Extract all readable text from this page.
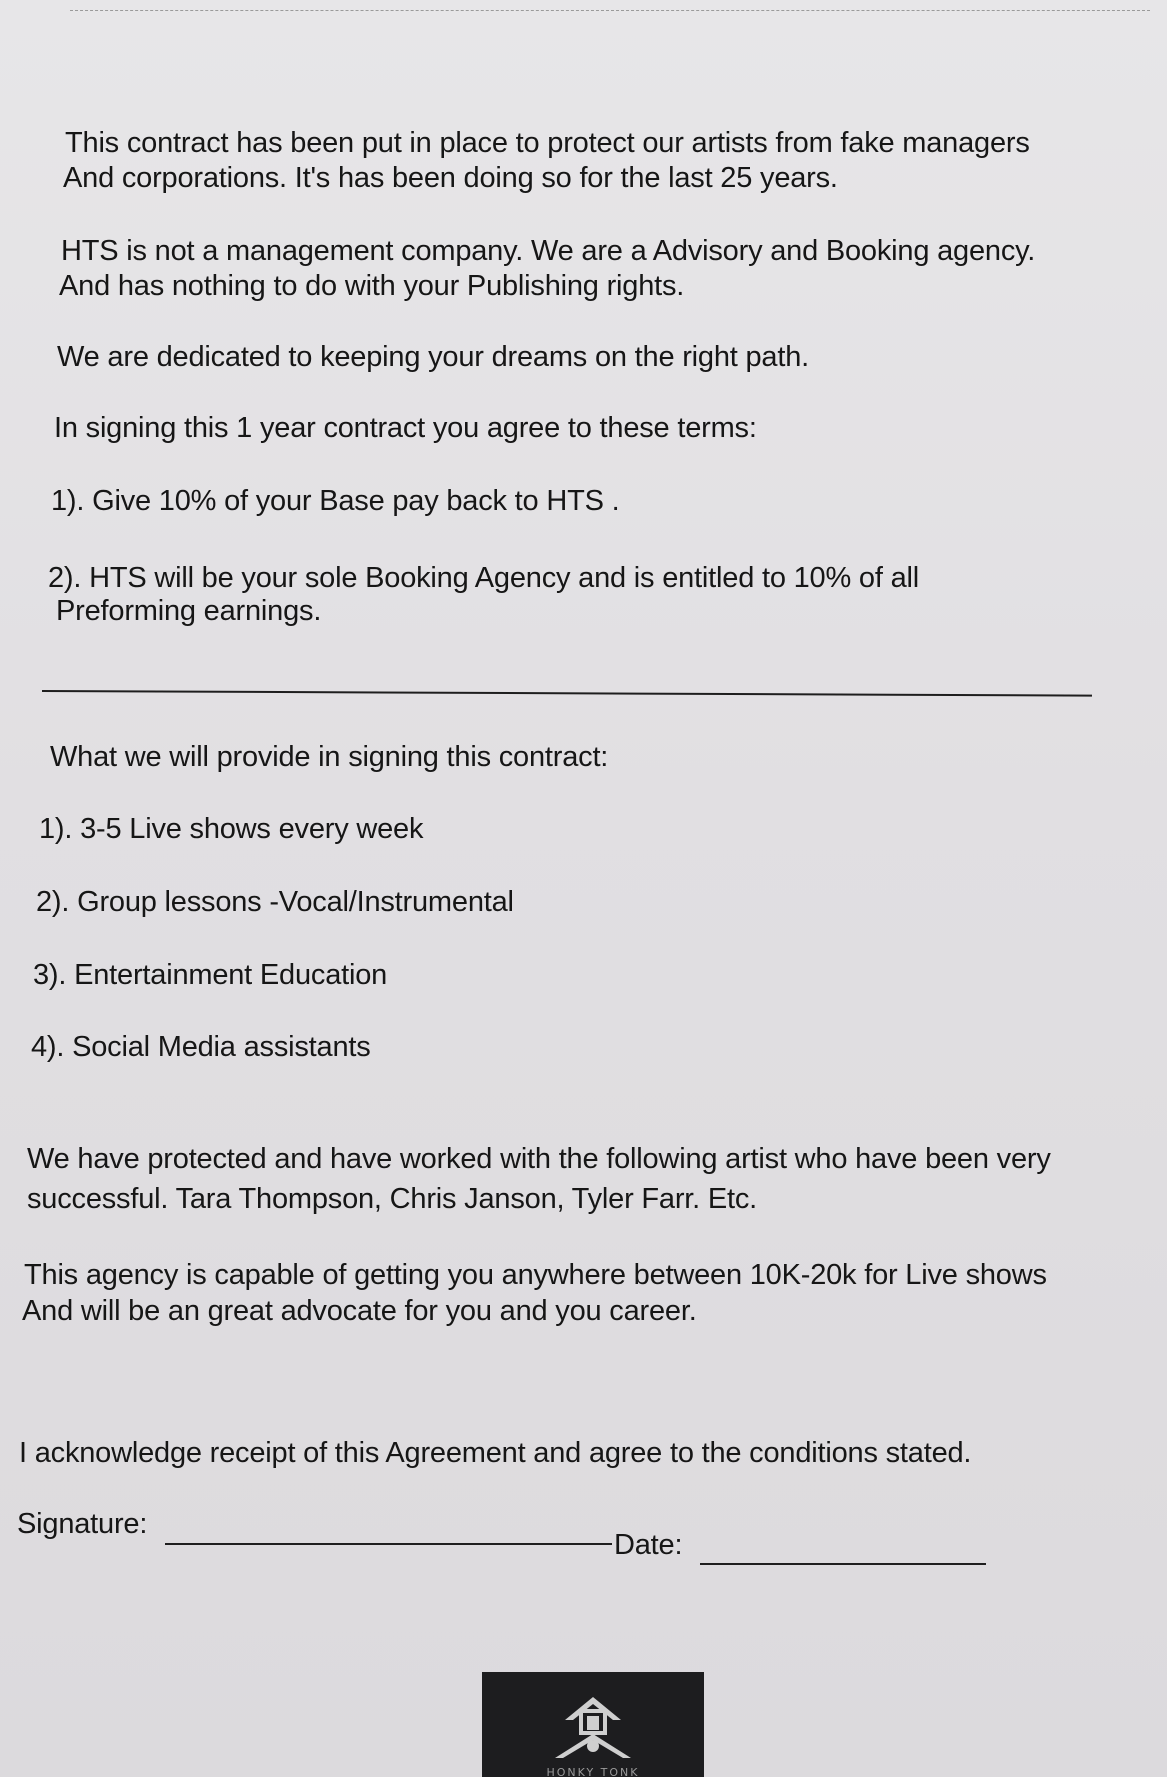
This contract has been put in place to protect our artists from fake managers
And corporations. It's has been doing so for the last 25 years.
HTS is not a management company. We are a Advisory and Booking agency.
And has nothing to do with your Publishing rights.
We are dedicated to keeping your dreams on the right path.
In signing this 1 year contract you agree to these terms:
1). Give 10% of your Base pay back to HTS .
2). HTS will be your sole Booking Agency and is entitled to 10% of all
Preforming earnings.
What we will provide in signing this contract:
1). 3-5 Live shows every week
2). Group lessons -Vocal/Instrumental
3). Entertainment Education
4). Social Media assistants
We have protected and have worked with the following artist who have been very
successful. Tara Thompson, Chris Janson, Tyler Farr. Etc.
This agency is capable of getting you anywhere between 10K-20k for Live shows
And will be an great advocate for you and you career.
I acknowledge receipt of this Agreement and agree to the conditions stated.
Signature:
Date:
HONKY TONK
